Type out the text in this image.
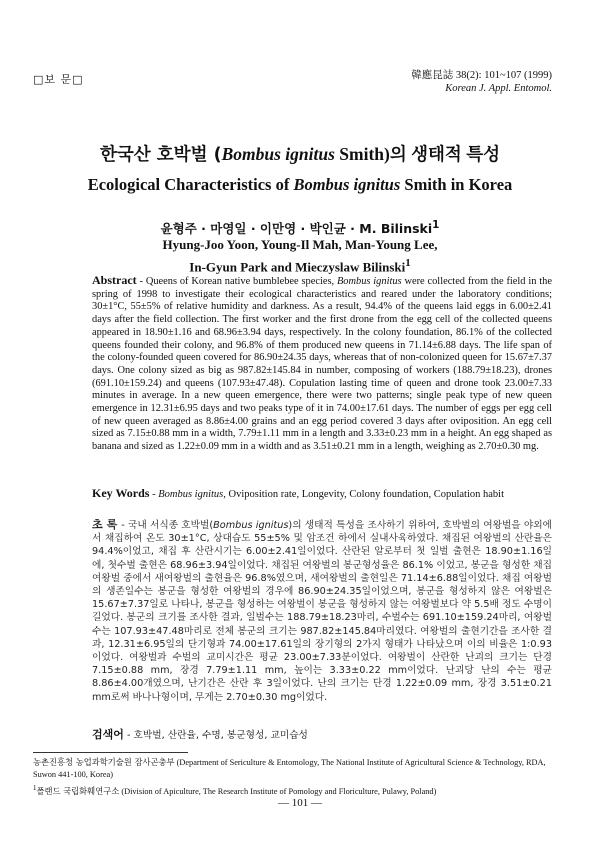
□보 문□	韓應昆誌 38(2): 101~107 (1999)
Korean J. Appl. Entomol.
한국산 호박벌 (Bombus ignitus Smith)의 생태적 특성
Ecological Characteristics of Bombus ignitus Smith in Korea
윤형주 · 마영일 · 이만영 · 박인균 · M. Bilinski$^1$
Hyung-Joo Yoon, Young-Il Mah, Man-Young Lee,
In-Gyun Park and Mieczyslaw Bilinski$^1$
Abstract - Queens of Korean native bumblebee species, Bombus ignitus were collected from the field in the spring of 1998 to investigate their ecological characteristics and reared under the laboratory conditions; 30±1°C, 55±5% of relative humidity and darkness. As a result, 94.4% of the queens laid eggs in 6.00±2.41 days after the field collection. The first worker and the first drone from the egg cell of the collected queens appeared in 18.90±1.16 and 68.96±3.94 days, respectively. In the colony foundation, 86.1% of the collected queens founded their colony, and 96.8% of them produced new queens in 71.14±6.88 days. The life span of the colony-founded queen covered for 86.90±24.35 days, whereas that of non-colonized queen for 15.67±7.37 days. One colony sized as big as 987.82±145.84 in number, composing of workers (188.79±18.23), drones (691.10±159.24) and queens (107.93±47.48). Copulation lasting time of queen and drone took 23.00±7.33 minutes in average. In a new queen emergence, there were two patterns; single peak type of new queen emergence in 12.31±6.95 days and two peaks type of it in 74.00±17.61 days. The number of eggs per egg cell of new queen averaged as 8.86±4.00 grains and an egg period covered 3 days after oviposition. An egg cell sized as 7.15±0.88 mm in a width, 7.79±1.11 mm in a length and 3.33±0.23 mm in a height. An egg shaped as banana and sized as 1.22±0.09 mm in a width and as 3.51±0.21 mm in a length, weighing as 2.70±0.30 mg.
Key Words - Bombus ignitus, Oviposition rate, Longevity, Colony foundation, Copulation habit
초 록 - 국내 서식종 호박벌(Bombus ignitus)의 생태적 특성을 조사하기 위하여, 호박벌의 여왕벌을 야외에서 채집하여 온도 30±1°C, 상대습도 55±5% 및 암조건 하에서 실내사육하였다. 채집된 여왕벌의 산란율은 94.4%이었고, 채집 후 산란시기는 6.00±2.41일이었다. 산란된 알로부터 첫 일벌 출현은 18.90±1.16일에, 첫수벌 출현은 68.96±3.94일이었다. 채집된 여왕벌의 봉군형성율은 86.1% 이었고, 봉군을 형성한 채집 여왕벌 중에서 새여왕벌의 출현율은 96.8%였으며, 새여왕벌의 출현일은 71.14±6.88일이었다. 채집 여왕벌의 생존일수는 봉군을 형성한 여왕벌의 경우에 86.90±24.35일이었으며, 봉군을 형성하지 않은 여왕벌은 15.67±7.37일로 나타나, 봉군을 형성하는 여왕벌이 봉군을 형성하지 않는 여왕벌보다 약 5.5배 정도 수명이 길었다. 봉군의 크기를 조사한 결과, 일벌수는 188.79±18.23마리, 수벌수는 691.10±159.24마리, 여왕벌수는 107.93±47.48마리로 전체 봉군의 크기는 987.82±145.84마리였다. 여왕벌의 출현기간을 조사한 결과, 12.31±6.95일의 단기형과 74.00±17.61일의 장기형의 2가지 형태가 나타났으며 이의 비율은 1:0.93이었다. 여왕벌과 수벌의 교미시간은 평균 23.00±7.33분이었다. 여왕벌이 산란한 난괴의 크기는 단경 7.15±0.88 mm, 장경 7.79±1.11 mm, 높이는 3.33±0.22 mm이었다. 난괴당 난의 수는 평균 8.86±4.00개였으며, 난기간은 산란 후 3일이었다. 난의 크기는 단경 1.22±0.09 mm, 장경 3.51±0.21 mm로써 바나나형이며, 무게는 2.70±0.30 mg이었다.
검색어 - 호박벌, 산란율, 수명, 봉군형성, 교미습성
농촌진흥청 농업과학기술원 잠사곤충부 (Department of Sericulture & Entomology, The National Institute of Agricultural Science & Technology, RDA, Suwon 441-100, Korea)
$^1$폴랜드 국립화훼연구소 (Division of Apiculture, The Research Institute of Pomology and Floriculture, Pulawy, Poland)
— 101 —
